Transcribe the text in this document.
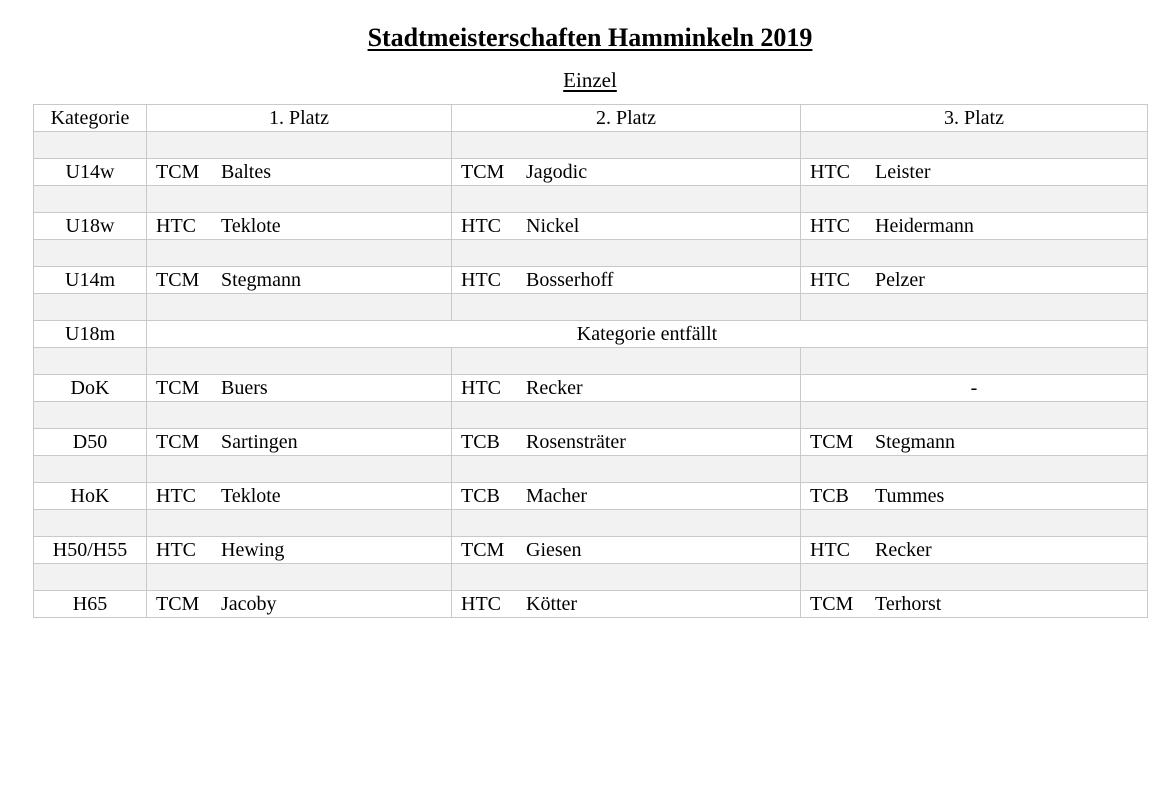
Stadtmeisterschaften Hamminkeln 2019
Einzel
Kategorie	1. Platz	2. Platz	3. Platz

U14w	TCM Baltes	TCM Jagodic	HTC Leister

U18w	HTC Teklote	HTC Nickel	HTC Heidermann

U14m	TCM Stegmann	HTC Bosserhoff	HTC Pelzer

U18m	Kategorie entfällt		

DoK	TCM Buers	HTC Recker	-

D50	TCM Sartingen	TCB Rosensträter	TCM Stegmann

HoK	HTC Teklote	TCB Macher	TCB Tummes

H50/H55	HTC Hewing	TCM Giesen	HTC Recker

H65	TCM Jacoby	HTC Kötter	TCM Terhorst
